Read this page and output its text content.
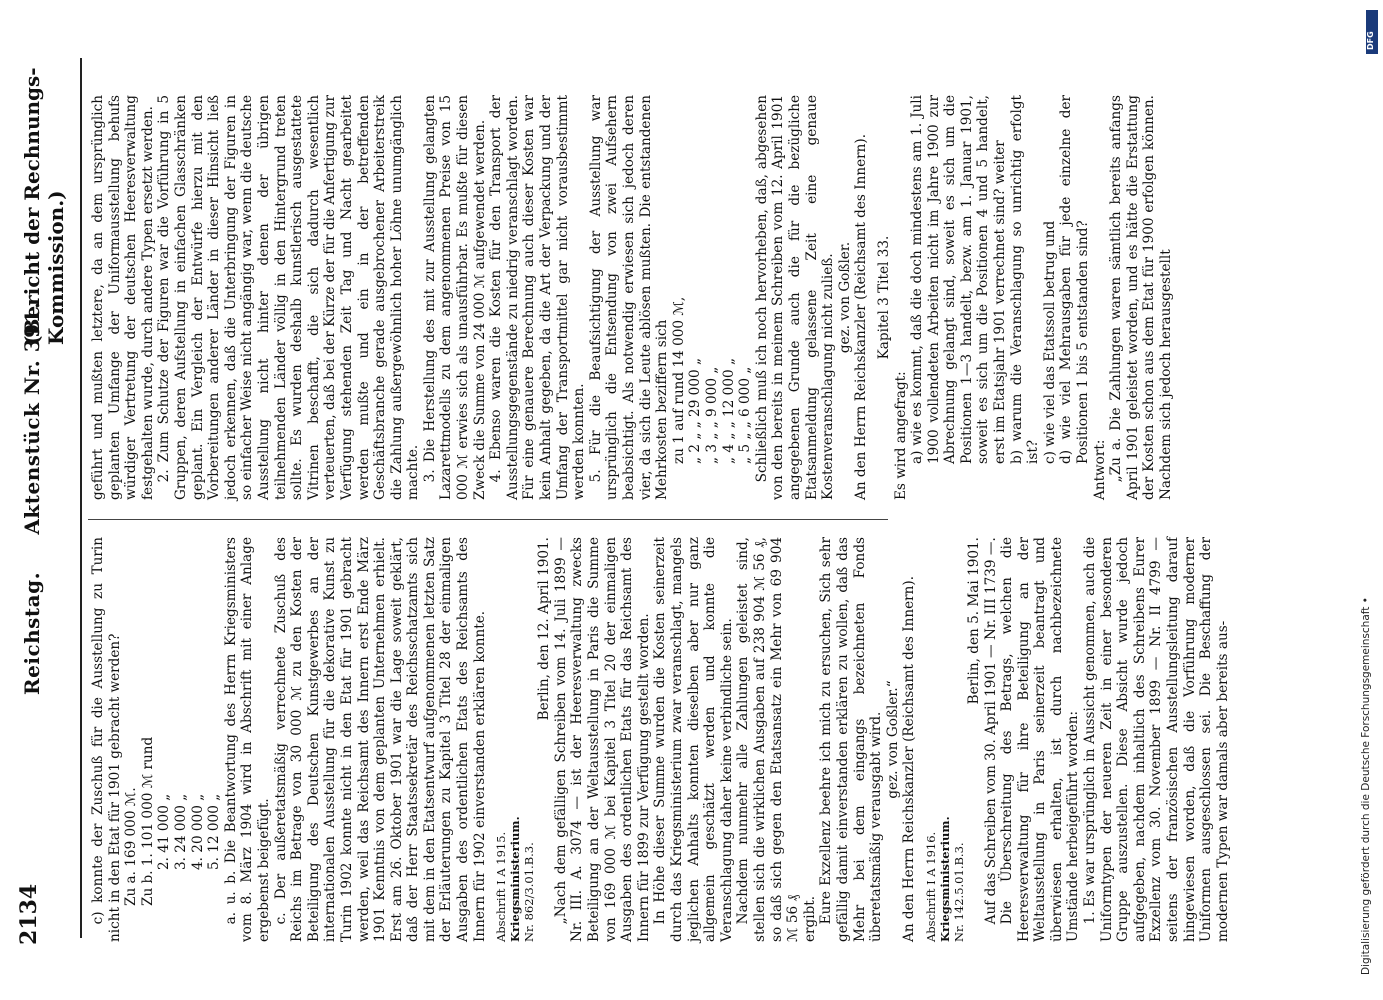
2134
Reichstag.     Aktenstück Nr. 391.
(Bericht der Rechnungs-Kommission.)

c) konnte der Zuschuß für die Ausstellung zu Turin nicht in den Etat für 1901 gebracht werden? Zu a. 169 000 ℳ. Zu b. 1. 101 000 ℳ rund 2. 41 000 „ 3. 24 000 „ 4. 20 000 „ 5. 12 000 „ a. u. b. Die Beantwortung des Herrn Kriegsministers vom 8. März 1904 wird in Abschrift mit einer Anlage ergebenst beigefügt. c. Der außeretatsmäßig verrechnete Zuschuß des Reichs im Betrage von 30 000 ℳ zu den Kosten der Beteiligung des Deutschen Kunstgewerbes an der internationalen Ausstellung für die dekorative Kunst zu Turin 1902 konnte nicht in den Etat für 1901 gebracht werden, weil das Reichsamt des Innern erst Ende März 1901 Kenntnis von dem geplanten Unternehmen erhielt. Erst am 26. Oktober 1901 war die Lage soweit geklärt, daß der Herr Staatssekretär des Reichsschatzamts sich mit dem in den Etatsentwurf aufgenommenen letzten Satz der Erläuterungen zu Kapitel 3 Titel 28 der einmaligen Ausgaben des ordentlichen Etats des Reichsamts des Innern für 1902 einverstanden erklären konnte. Abschrift I A 1915. Kriegsministerium. Nr. 862/3.01.B.3.

Berlin, den 12. April 1901. „Nach dem gefälligen Schreiben vom 14. Juli 1899 — Nr. III. A. 3074 — ist der Heeresverwaltung zwecks Beteiligung an der Weltausstellung in Paris die Summe von 169 000 ℳ bei Kapitel 3 Titel 20 der einmaligen Ausgaben des ordentlichen Etats für das Reichsamt des Innern für 1899 zur Verfügung gestellt worden. In Höhe dieser Summe wurden die Kosten seinerzeit durch das Kriegsministerium zwar veranschlagt, mangels jeglichen Anhalts konnten dieselben aber nur ganz allgemein geschätzt werden und konnte die Veranschlagung daher keine verbindliche sein. Nachdem nunmehr alle Zahlungen geleistet sind, stellen sich die wirklichen Ausgaben auf 238 904 ℳ 56 ₰, so daß sich gegen den Etatsansatz ein Mehr von 69 904 ℳ 56 ₰ ergibt. Eure Exzellenz beehre ich mich zu ersuchen, Sich sehr gefällig damit einverstanden erklären zu wollen, daß das Mehr bei dem eingangs bezeichneten Fonds überetatsmäßig verausgabt wird. gez. von Goßler.“ An den Herrn Reichskanzler (Reichsamt des Innern). Abschrift I A 1916. Kriegsministerium. Nr. 142.5.01.B.3.

Berlin, den 5. Mai 1901. Auf das Schreiben vom 30. April 1901 — Nr. III 1739 —. Die Überschreitung des Betrags, welchen die Heeresverwaltung für ihre Beteiligung an der Weltausstellung in Paris seinerzeit beantragt und überwiesen erhalten, ist durch nachbezeichnete Umstände herbeigeführt worden: 1. Es war ursprünglich in Aussicht genommen, auch die Uniformtypen der neueren Zeit in einer besonderen Gruppe auszustellen. Diese Absicht wurde jedoch aufgegeben, nachdem inhaltlich des Schreibens Eurer Exzellenz vom 30. November 1899 — Nr. II 4799 — seitens der französischen Ausstellungsleitung darauf hingewiesen worden, daß die Vorführung moderner Uniformen ausgeschlossen sei. Die Beschaffung der modernen Typen war damals aber bereits aus-

geführt und mußten letztere, da an dem ursprünglich geplanten Umfange der Uniformausstellung behufs würdiger Vertretung der deutschen Heeresverwaltung festgehalten wurde, durch andere Typen ersetzt werden. 2. Zum Schutze der Figuren war die Vorführung in 5 Gruppen, deren Aufstellung in einfachen Glasschränken geplant. Ein Vergleich der Entwürfe hierzu mit den Vorbereitungen anderer Länder in dieser Hinsicht ließ jedoch erkennen, daß die Unterbringung der Figuren in so einfacher Weise nicht angängig war, wenn die deutsche Ausstellung nicht hinter denen der übrigen teilnehmenden Länder völlig in den Hintergrund treten sollte. Es wurden deshalb kunstlerisch ausgestattete Vitrinen beschafft, die sich dadurch wesentlich verteuerten, daß bei der Kürze der für die Anfertigung zur Verfügung stehenden Zeit Tag und Nacht gearbeitet werden mußte und ein in der betreffenden Geschäftsbranche gerade ausgebrochener Arbeiterstreik die Zahlung außergewöhnlich hoher Löhne unumgänglich machte. 3. Die Herstellung des mit zur Ausstellung gelangten Lazarettmodells zu dem angenommenen Preise von 15 000 ℳ erwies sich als unausführbar. Es mußte für diesen Zweck die Summe von 24 000 ℳ aufgewendet werden. 4. Ebenso waren die Kosten für den Transport der Ausstellungsgegenstände zu niedrig veranschlagt worden. Für eine genauere Berechnung auch dieser Kosten war kein Anhalt gegeben, da die Art der Verpackung und der Umfang der Transportmittel gar nicht vorausbestimmt werden konnten. 5. Für die Beaufsichtigung der Ausstellung war ursprünglich die Entsendung von zwei Aufsehern beabsichtigt. Als notwendig erwiesen sich jedoch deren vier, da sich die Leute ablösen mußten. Die entstandenen Mehrkosten beziffern sich zu 1 auf rund 14 000 ℳ, „ 2 „ „ 29 000 „ „ 3 „ „ 9 000 „ „ 4 „ „ 12 000 „ „ 5 „ „ 6 000 „ Schließlich muß ich noch hervorheben, daß, abgesehen von den bereits in meinem Schreiben vom 12. April 1901 angegebenen Grunde auch die für die bezügliche Etatsanmeldung gelassene Zeit eine genaue Kostenveranschlagung nicht zuließ. gez. von Goßler. An den Herrn Reichskanzler (Reichsamt des Innern). Kapitel 3 Titel 33.

Es wird angefragt: a) wie es kommt, daß die doch mindestens am 1. Juli 1900 vollendeten Arbeiten nicht im Jahre 1900 zur Abrechnung gelangt sind, soweit es sich um die Positionen 1—3 handelt, bezw. am 1. Januar 1901, soweit es sich um die Positionen 4 und 5 handelt, erst im Etatsjahr 1901 verrechnet sind? weiter b) warum die Veranschlagung so unrichtig erfolgt ist? c) wie viel das Etatssoll betrug und d) wie viel Mehrausgaben für jede einzelne der Positionen 1 bis 5 entstanden sind?

Antwort: „Zu a. Die Zahlungen waren sämtlich bereits anfangs April 1901 geleistet worden, und es hätte die Erstattung der Kosten schon aus dem Etat für 1900 erfolgen können. Nachdem sich jedoch herausgestellt

DFG
Digitalisierung gefördert durch die Deutsche Forschungsgemeinschaft •
